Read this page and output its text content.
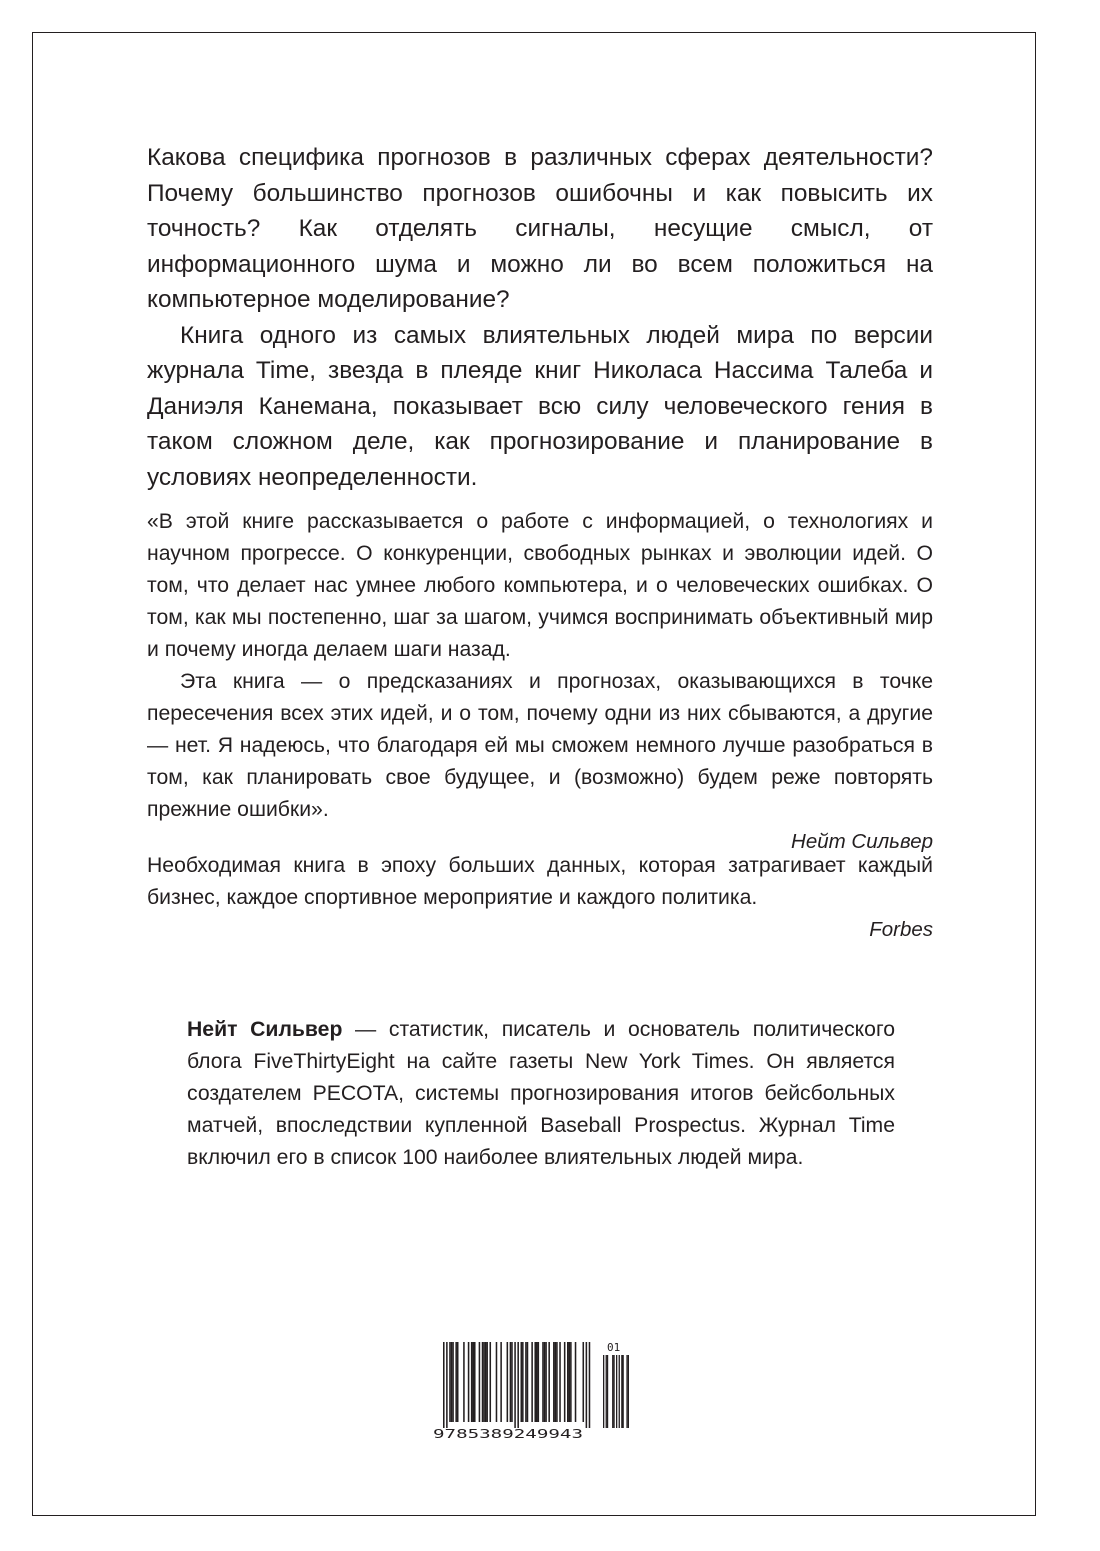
Какова специфика прогнозов в различных сферах деятельности? Почему большинство прогнозов ошибочны и как повысить их точность? Как отделять сигналы, несущие смысл, от информационного шума и можно ли во всем положиться на компьютерное моделирование?

Книга одного из самых влиятельных людей мира по версии журнала Time, звезда в плеяде книг Николаса Нассима Талеба и Даниэля Канемана, показывает всю силу человеческого гения в таком сложном деле, как прогнозирование и планирование в условиях неопределенности.

«В этой книге рассказывается о работе с информацией, о технологиях и научном прогрессе. О конкуренции, свободных рынках и эволюции идей. О том, что делает нас умнее любого компьютера, и о человеческих ошибках. О том, как мы постепенно, шаг за шагом, учимся воспринимать объективный мир и почему иногда делаем шаги назад.

Эта книга — о предсказаниях и прогнозах, оказывающихся в точке пересечения всех этих идей, и о том, почему одни из них сбываются, а другие — нет. Я надеюсь, что благодаря ей мы сможем немного лучше разобраться в том, как планировать свое будущее, и (возможно) будем реже повторять прежние ошибки».

Нейт Сильвер

Необходимая книга в эпоху больших данных, которая затрагивает каждый бизнес, каждое спортивное мероприятие и каждого политика.

Forbes

Нейт Сильвер — статистик, писатель и основатель политического блога FiveThirtyEight на сайте газеты New York Times. Он является создателем PECOTA, системы прогнозирования итогов бейсбольных матчей, впоследствии купленной Baseball Prospectus. Журнал Time включил его в список 100 наиболее влиятельных людей мира.

9785389249943
01
